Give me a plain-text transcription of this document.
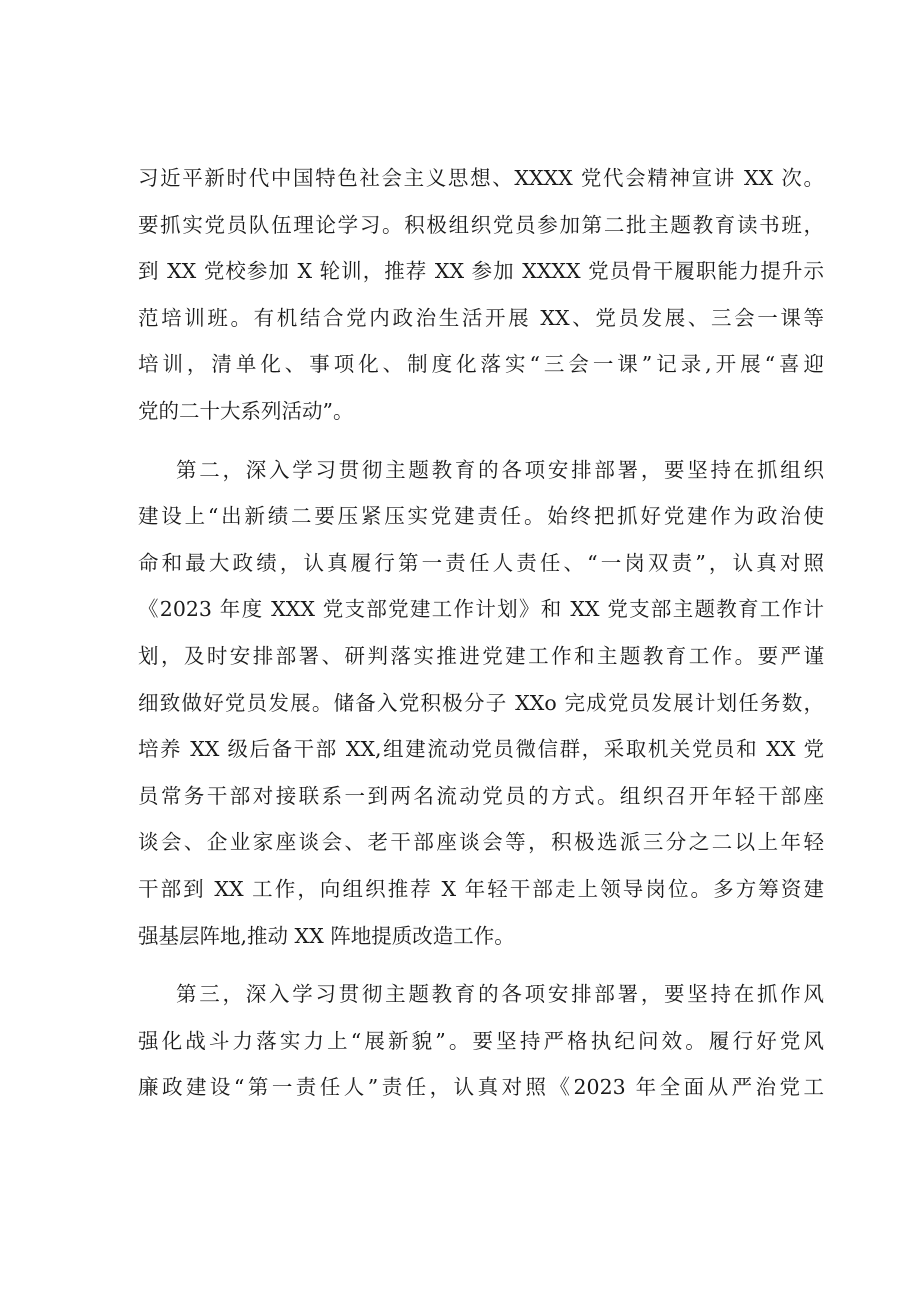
习近平新时代中国特色社会主义思想、XXXX 党代会精神宣讲 XX 次。
要抓实党员队伍理论学习。积极组织党员参加第二批主题教育读书班，
到 XX 党校参加 X 轮训，推荐 XX 参加 XXXX 党员骨干履职能力提升示
范培训班。有机结合党内政治生活开展 XX、党员发展、三会一课等
培训，清单化、事项化、制度化落实“三会一课”记录,开展“喜迎
党的二十大系列活动”。
第二，深入学习贯彻主题教育的各项安排部署，要坚持在抓组织
建设上“出新绩二要压紧压实党建责任。始终把抓好党建作为政治使
命和最大政绩，认真履行第一责任人责任、“一岗双责”，认真对照
《2023 年度 XXX 党支部党建工作计划》和 XX 党支部主题教育工作计
划，及时安排部署、研判落实推进党建工作和主题教育工作。要严谨
细致做好党员发展。储备入党积极分子 XXo 完成党员发展计划任务数，
培养 XX 级后备干部 XX,组建流动党员微信群，采取机关党员和 XX 党
员常务干部对接联系一到两名流动党员的方式。组织召开年轻干部座
谈会、企业家座谈会、老干部座谈会等，积极选派三分之二以上年轻
干部到 XX 工作，向组织推荐 X 年轻干部走上领导岗位。多方筹资建
强基层阵地,推动 XX 阵地提质改造工作。
第三，深入学习贯彻主题教育的各项安排部署，要坚持在抓作风
强化战斗力落实力上“展新貌”。要坚持严格执纪问效。履行好党风
廉政建设“第一责任人”责任，认真对照《2023 年全面从严治党工
